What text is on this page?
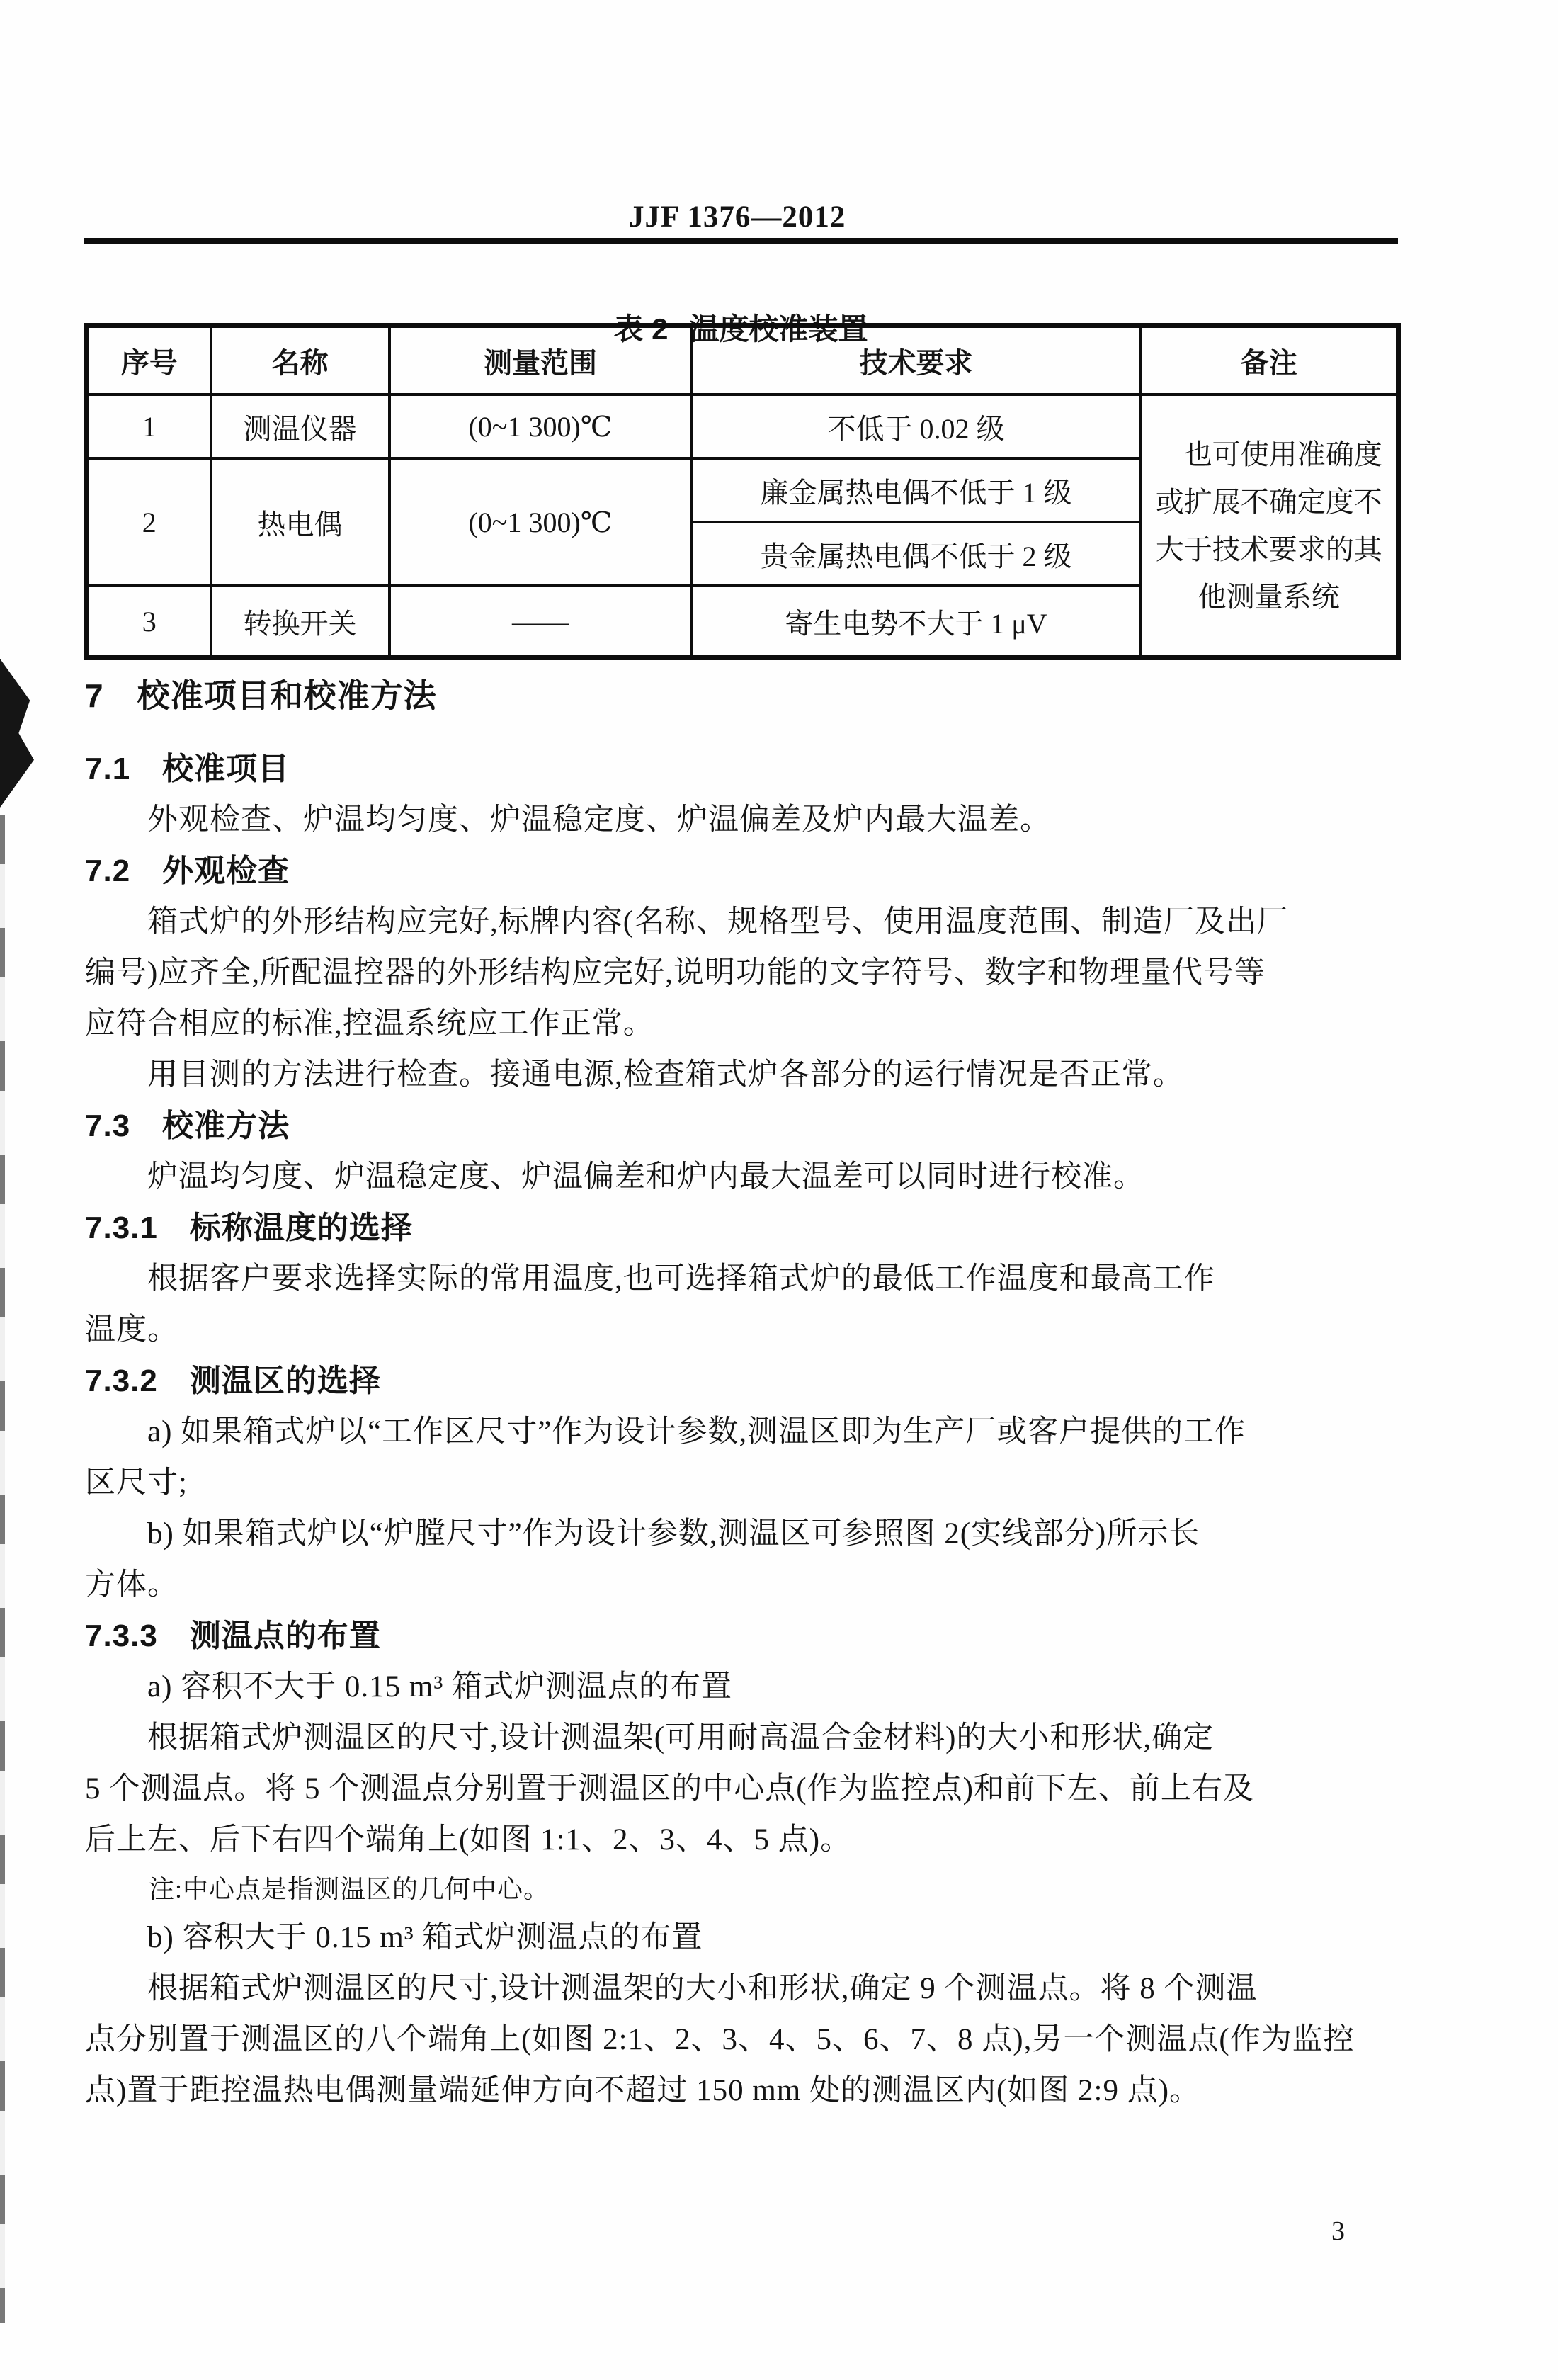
JJF 1376—2012
表 2 温度校准装置
序号	名称	测量范围	技术要求	备注
1	测温仪器	(0~1 300)℃	不低于 0.02 级	也可使用准确度或扩展不确定度不大于技术要求的其他测量系统
2	热电偶	(0~1 300)℃	廉金属热电偶不低于 1 级	
			贵金属热电偶不低于 2 级	
3	转换开关	——	寄生电势不大于 1 μV	
7　校准项目和校准方法
7.1　校准项目
外观检查、炉温均匀度、炉温稳定度、炉温偏差及炉内最大温差。
7.2　外观检查
箱式炉的外形结构应完好,标牌内容(名称、规格型号、使用温度范围、制造厂及出厂
编号)应齐全,所配温控器的外形结构应完好,说明功能的文字符号、数字和物理量代号等
应符合相应的标准,控温系统应工作正常。
用目测的方法进行检查。接通电源,检查箱式炉各部分的运行情况是否正常。
7.3　校准方法
炉温均匀度、炉温稳定度、炉温偏差和炉内最大温差可以同时进行校准。
7.3.1　标称温度的选择
根据客户要求选择实际的常用温度,也可选择箱式炉的最低工作温度和最高工作
温度。
7.3.2　测温区的选择
a) 如果箱式炉以“工作区尺寸”作为设计参数,测温区即为生产厂或客户提供的工作
区尺寸;
b) 如果箱式炉以“炉膛尺寸”作为设计参数,测温区可参照图 2(实线部分)所示长
方体。
7.3.3　测温点的布置
a) 容积不大于 0.15 m³ 箱式炉测温点的布置
根据箱式炉测温区的尺寸,设计测温架(可用耐高温合金材料)的大小和形状,确定
5 个测温点。将 5 个测温点分别置于测温区的中心点(作为监控点)和前下左、前上右及
后上左、后下右四个端角上(如图 1:1、2、3、4、5 点)。
注:中心点是指测温区的几何中心。
b) 容积大于 0.15 m³ 箱式炉测温点的布置
根据箱式炉测温区的尺寸,设计测温架的大小和形状,确定 9 个测温点。将 8 个测温
点分别置于测温区的八个端角上(如图 2:1、2、3、4、5、6、7、8 点),另一个测温点(作为监控
点)置于距控温热电偶测量端延伸方向不超过 150 mm 处的测温区内(如图 2:9 点)。
3
